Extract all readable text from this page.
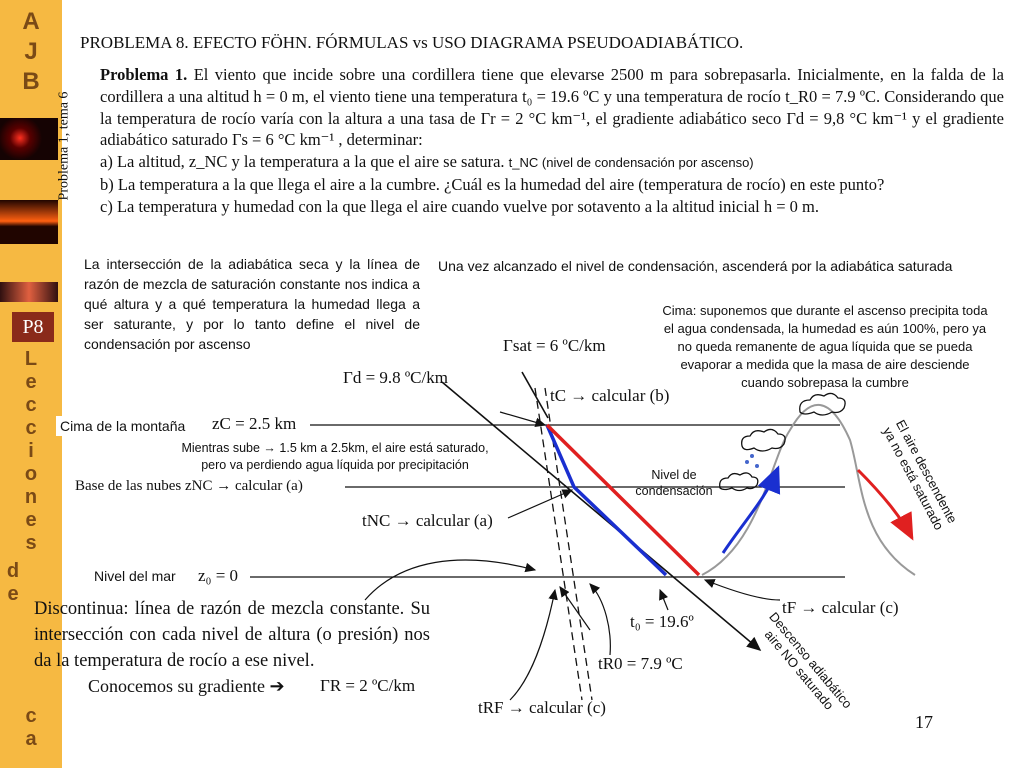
A
J
B
P8
L
e
c
c
i
o
n
e
s
d
e
c
a
PROBLEMA 8. EFECTO FÖHN. FÓRMULAS vs USO DIAGRAMA PSEUDOADIABÁTICO.
Problema 1, tema 6
Problema 1. El viento que incide sobre una cordillera tiene que elevarse 2500 m para sobrepasarla. Inicialmente, en la falda de la cordillera a una altitud h = 0 m, el viento tiene una temperatura t₀ = 19.6 ºC y una temperatura de rocío t_R0 = 7.9 ºC. Considerando que la temperatura de rocío varía con la altura a una tasa de Γr = 2 °C km⁻¹, el gradiente adiabático seco Γd = 9,8 °C km⁻¹ y el gradiente adiabático saturado Γs = 6 °C km⁻¹ , determinar:
a) La altitud, z_NC y la temperatura a la que el aire se satura. t_NC (nivel de condensación por ascenso)
b) La temperatura a la que llega el aire a la cumbre. ¿Cuál es la humedad del aire (temperatura de rocío) en este punto?
c) La temperatura y humedad con la que llega el aire cuando vuelve por sotavento a la altitud inicial h = 0 m.
La intersección de la adiabática seca y la línea de razón de mezcla de saturación constante nos indica a qué altura y a qué temperatura la humedad llega a ser saturante, y por lo tanto define el nivel de condensación por ascenso
Una vez alcanzado el nivel de condensación, ascenderá por la adiabática saturada
Cima: suponemos que durante el ascenso precipita toda el agua condensada, la humedad es aún 100%, pero ya no queda remanente de agua líquida que se pueda evaporar a medida que la masa de aire desciende cuando sobrepasa la cumbre
Γsat = 6 ºC/km
Γd = 9.8 ºC/km
tC → calcular (b)
Cima de la montaña zC = 2.5 km
Mientras sube → 1.5 km a 2.5km, el aire está saturado, pero va perdiendo agua líquida por precipitación
Base de las nubes zNC → calcular (a)
Nivel de condensación
tNC → calcular (a)
Nivel del mar z₀ = 0
tF → calcular (c)
t₀ = 19.6º
tR0 = 7.9 ºC
tRF → calcular (c)
Discontinua: línea de razón de mezcla constante. Su intersección con cada nivel de altura (o presión) nos da la temperatura de rocío a ese nivel.
Conocemos su gradiente ➔ ΓR = 2 ºC/km
El aire descendente ya no está saturado
Descenso adiabático aire NO saturado
17
